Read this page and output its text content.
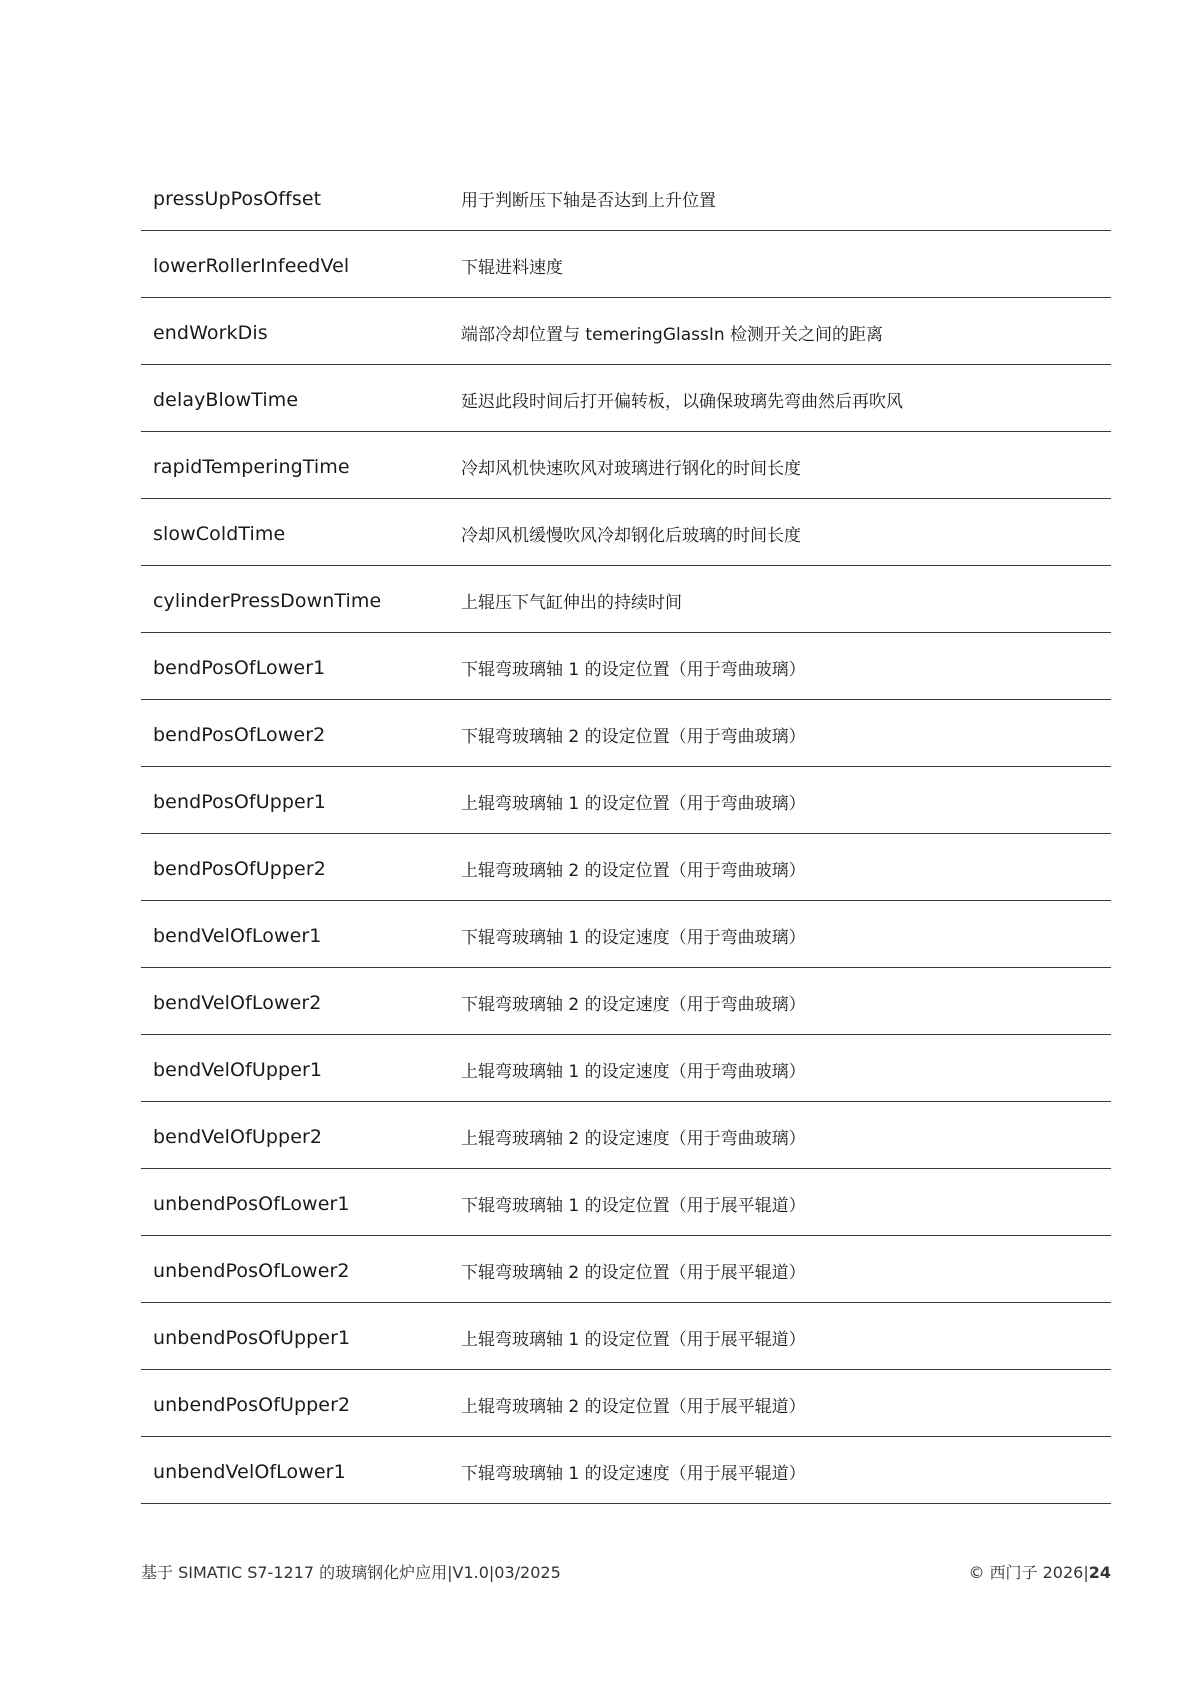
pressUpPosOffset	用于判断压下轴是否达到上升位置
lowerRollerInfeedVel	下辊进料速度
endWorkDis	端部冷却位置与 temeringGlassIn 检测开关之间的距离
delayBlowTime	延迟此段时间后打开偏转板，以确保玻璃先弯曲然后再吹风
rapidTemperingTime	冷却风机快速吹风对玻璃进行钢化的时间长度
slowColdTime	冷却风机缓慢吹风冷却钢化后玻璃的时间长度
cylinderPressDownTime	上辊压下气缸伸出的持续时间
bendPosOfLower1	下辊弯玻璃轴 1 的设定位置（用于弯曲玻璃）
bendPosOfLower2	下辊弯玻璃轴 2 的设定位置（用于弯曲玻璃）
bendPosOfUpper1	上辊弯玻璃轴 1 的设定位置（用于弯曲玻璃）
bendPosOfUpper2	上辊弯玻璃轴 2 的设定位置（用于弯曲玻璃）
bendVelOfLower1	下辊弯玻璃轴 1 的设定速度（用于弯曲玻璃）
bendVelOfLower2	下辊弯玻璃轴 2 的设定速度（用于弯曲玻璃）
bendVelOfUpper1	上辊弯玻璃轴 1 的设定速度（用于弯曲玻璃）
bendVelOfUpper2	上辊弯玻璃轴 2 的设定速度（用于弯曲玻璃）
unbendPosOfLower1	下辊弯玻璃轴 1 的设定位置（用于展平辊道）
unbendPosOfLower2	下辊弯玻璃轴 2 的设定位置（用于展平辊道）
unbendPosOfUpper1	上辊弯玻璃轴 1 的设定位置（用于展平辊道）
unbendPosOfUpper2	上辊弯玻璃轴 2 的设定位置（用于展平辊道）
unbendVelOfLower1	下辊弯玻璃轴 1 的设定速度（用于展平辊道）
基于 SIMATIC S7-1217 的玻璃钢化炉应用|V1.0|03/2025	© 西门子 2026|24
